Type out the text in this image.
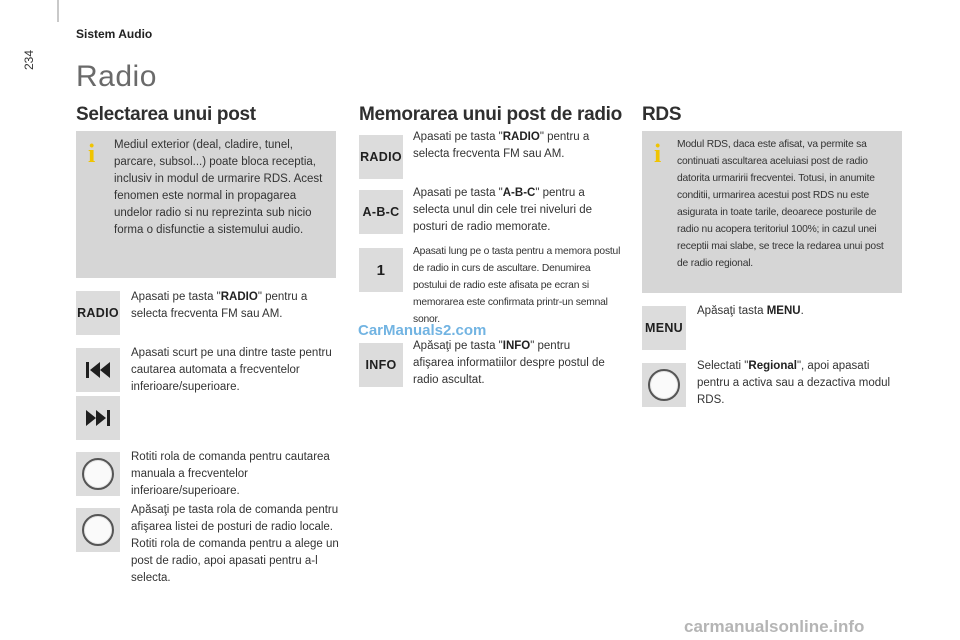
234
Sistem Audio
Radio
Selectarea unui post
i Mediul exterior (deal, cladire, tunel, parcare, subsol...) poate bloca receptia, inclusiv in modul de urmarire RDS. Acest fenomen este normal in propagarea undelor radio si nu reprezinta sub nicio forma o disfunctie a sistemului audio.
RADIO
Apasati pe tasta "RADIO" pentru a selecta frecventa FM sau AM.
Apasati scurt pe una dintre taste pentru cautarea automata a frecventelor inferioare/superioare.
Rotiti rola de comanda pentru cautarea manuala a frecventelor inferioare/superioare.
Apăsaţi pe tasta rola de comanda pentru afişarea listei de posturi de radio locale.
Rotiti rola de comanda pentru a alege un post de radio, apoi apasati pentru a-l selecta.
Memorarea unui post de radio
RADIO
Apasati pe tasta "RADIO" pentru a selecta frecventa FM sau AM.
A-B-C
Apasati pe tasta "A-B-C" pentru a selecta unul din cele trei niveluri de posturi de radio memorate.
1
Apasati lung pe o tasta pentru a memora postul de radio in curs de ascultare. Denumirea postului de radio este afisata pe ecran si memorarea este confirmata printr-un semnal sonor.
INFO
Apăsaţi pe tasta "INFO" pentru afişarea informatiilor despre postul de radio ascultat.
RDS
i Modul RDS, daca este afisat, va permite sa continuati ascultarea aceluiasi post de radio datorita urmaririi frecventei. Totusi, in anumite conditii, urmarirea acestui post RDS nu este asigurata in toate tarile, deoarece posturile de radio nu acopera teritoriul 100%; in cazul unei receptii mai slabe, se trece la redarea unui post de radio regional.
MENU
Apăsaţi tasta MENU.
Selectati "Regional", apoi apasati pentru a activa sau a dezactiva modul RDS.
CarManuals2.com
carmanualsonline.info
